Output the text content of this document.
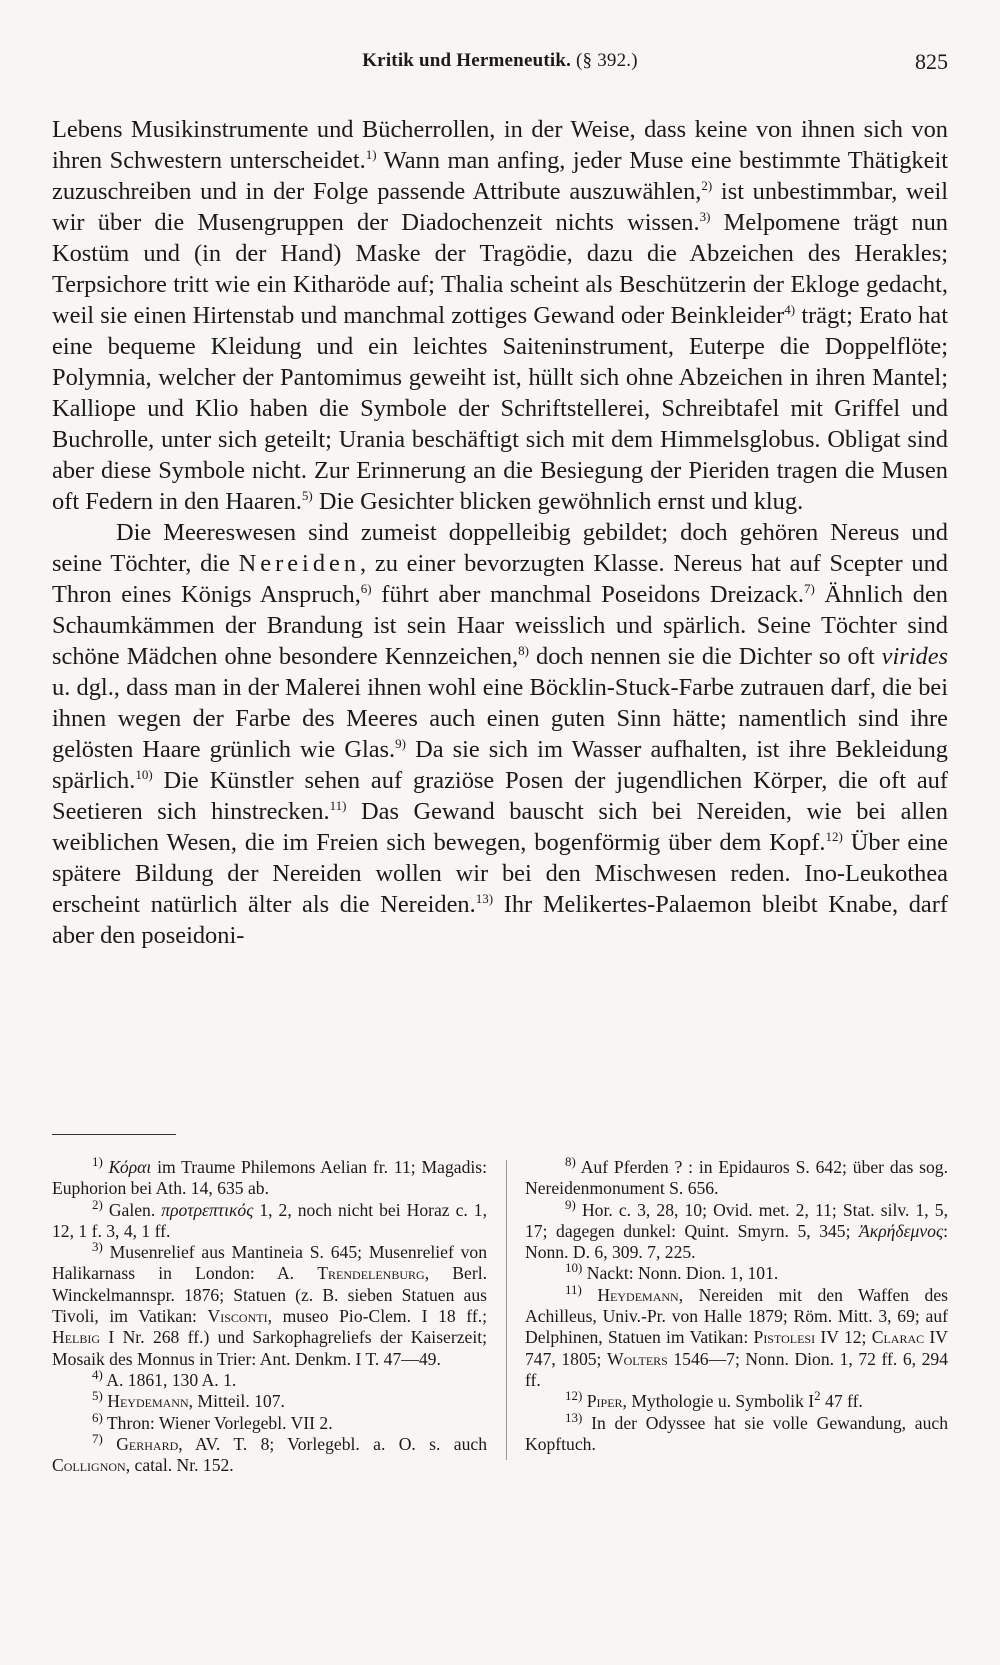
Kritik und Hermeneutik. (§ 392.)	825

Lebens Musikinstrumente und Bücherrollen, in der Weise, dass keine von ihnen sich von ihren Schwestern unterscheidet.$^{1)}$ Wann man anfing, jeder Muse eine bestimmte Thätigkeit zuzuschreiben und in der Folge passende Attribute auszuwählen,$^{2)}$ ist unbestimmbar, weil wir über die Musengruppen der Diadochenzeit nichts wissen.$^{3)}$ Melpomene trägt nun Kostüm und (in der Hand) Maske der Tragödie, dazu die Abzeichen des Herakles; Terpsichore tritt wie ein Kitharöde auf; Thalia scheint als Beschützerin der Ekloge gedacht, weil sie einen Hirtenstab und manchmal zottiges Gewand oder Beinkleider$^{4)}$ trägt; Erato hat eine bequeme Kleidung und ein leichtes Saiteninstrument, Euterpe die Doppelflöte; Polymnia, welcher der Pantomimus geweiht ist, hüllt sich ohne Abzeichen in ihren Mantel; Kalliope und Klio haben die Symbole der Schriftstellerei, Schreibtafel mit Griffel und Buchrolle, unter sich geteilt; Urania beschäftigt sich mit dem Himmelsglobus. Obligat sind aber diese Symbole nicht. Zur Erinnerung an die Besiegung der Pieriden tragen die Musen oft Federn in den Haaren.$^{5)}$ Die Gesichter blicken gewöhnlich ernst und klug.

Die Meereswesen sind zumeist doppelleibig gebildet; doch gehören Nereus und seine Töchter, die Nereiden, zu einer bevorzugten Klasse. Nereus hat auf Scepter und Thron eines Königs Anspruch,$^{6)}$ führt aber manchmal Poseidons Dreizack.$^{7)}$ Ähnlich den Schaumkämmen der Brandung ist sein Haar weisslich und spärlich. Seine Töchter sind schöne Mädchen ohne besondere Kennzeichen,$^{8)}$ doch nennen sie die Dichter so oft virides u. dgl., dass man in der Malerei ihnen wohl eine Böcklin-Stuck-Farbe zutrauen darf, die bei ihnen wegen der Farbe des Meeres auch einen guten Sinn hätte; namentlich sind ihre gelösten Haare grünlich wie Glas.$^{9)}$ Da sie sich im Wasser aufhalten, ist ihre Bekleidung spärlich.$^{10)}$ Die Künstler sehen auf graziöse Posen der jugendlichen Körper, die oft auf Seetieren sich hinstrecken.$^{11)}$ Das Gewand bauscht sich bei Nereiden, wie bei allen weiblichen Wesen, die im Freien sich bewegen, bogenförmig über dem Kopf.$^{12)}$ Über eine spätere Bildung der Nereiden wollen wir bei den Mischwesen reden. Ino-Leukothea erscheint natürlich älter als die Nereiden.$^{13)}$ Ihr Melikertes-Palaemon bleibt Knabe, darf aber den poseidoni-

$^{1)}$ Κόραι im Traume Philemons Aelian fr. 11; Magadis: Euphorion bei Ath. 14, 635 ab.

$^{2)}$ Galen. προτρεπτικός 1, 2, noch nicht bei Horaz c. 1, 12, 1 f. 3, 4, 1 ff.

$^{3)}$ Musenrelief aus Mantineia S. 645; Musenrelief von Halikarnass in London: A. Trendelenburg, Berl. Winckelmannspr. 1876; Statuen (z. B. sieben Statuen aus Tivoli, im Vatikan: Visconti, museo Pio-Clem. I 18 ff.; Helbig I Nr. 268 ff.) und Sarkophagreliefs der Kaiserzeit; Mosaik des Monnus in Trier: Ant. Denkm. I T. 47—49.

$^{4)}$ A. 1861, 130 A. 1.

$^{5)}$ Heydemann, Mitteil. 107.

$^{6)}$ Thron: Wiener Vorlegebl. VII 2.

$^{7)}$ Gerhard, AV. T. 8; Vorlegebl. a. O. s. auch Collignon, catal. Nr. 152.

$^{8)}$ Auf Pferden ? : in Epidauros S. 642; über das sog. Nereidenmonument S. 656.

$^{9)}$ Hor. c. 3, 28, 10; Ovid. met. 2, 11; Stat. silv. 1, 5, 17; dagegen dunkel: Quint. Smyrn. 5, 345; Ἀκρήδεμνος: Nonn. D. 6, 309. 7, 225.

$^{10)}$ Nackt: Nonn. Dion. 1, 101.

$^{11)}$ Heydemann, Nereiden mit den Waffen des Achilleus, Univ.-Pr. von Halle 1879; Röm. Mitt. 3, 69; auf Delphinen, Statuen im Vatikan: Pistolesi IV 12; Clarac IV 747, 1805; Wolters 1546—7; Nonn. Dion. 1, 72 ff. 6, 294 ff.

$^{12)}$ Piper, Mythologie u. Symbolik $I^2$ 47 ff.

$^{13)}$ In der Odyssee hat sie volle Gewandung, auch Kopftuch.
